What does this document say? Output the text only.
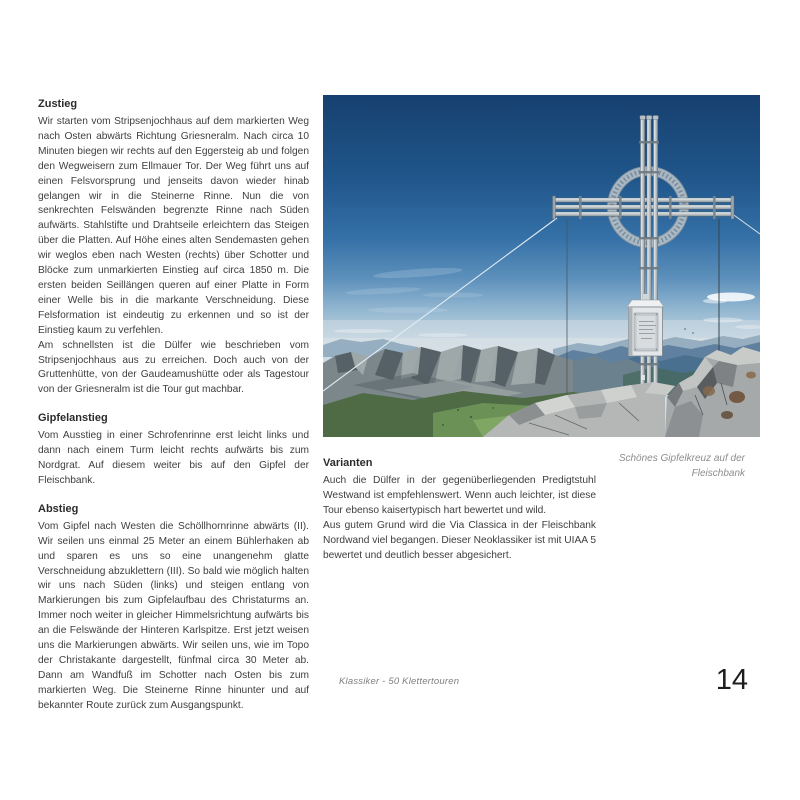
Zustieg

Wir starten vom Stripsenjochhaus auf dem markierten Weg nach Osten abwärts Richtung Griesneralm. Nach circa 10 Minuten biegen wir rechts auf den Eggersteig ab und folgen den Wegweisern zum Ellmauer Tor. Der Weg führt uns auf einen Felsvorsprung und jenseits davon wieder hinab gelangen wir in die Steinerne Rinne. Nun die von senkrechten Felswänden begrenzte Rinne nach Süden aufwärts. Stahlstifte und Drahtseile erleichtern das Steigen über die Platten. Auf Höhe eines alten Sendemasten gehen wir weglos eben nach Westen (rechts) über Schotter und Blöcke zum unmarkierten Einstieg auf circa 1850 m. Die ersten beiden Seillängen queren auf einer Platte in Form einer Welle bis in die markante Verschneidung. Diese Felsformation ist eindeutig zu erkennen und so ist der Einstieg kaum zu verfehlen.

Am schnellsten ist die Dülfer wie beschrieben vom Stripsenjochhaus aus zu erreichen. Doch auch von der Gruttenhütte, von der Gaudeamushütte oder als Tagestour von der Griesneralm ist die Tour gut machbar.

Gipfelanstieg

Vom Ausstieg in einer Schrofenrinne erst leicht links und dann nach einem Turm leicht rechts aufwärts bis zum Nordgrat. Auf diesem weiter bis auf den Gipfel der Fleischbank.

Abstieg

Vom Gipfel nach Westen die Schöllhornrinne abwärts (II). Wir seilen uns einmal 25 Meter an einem Bühlerhaken ab und sparen es uns so eine unangenehm glatte Verschneidung abzuklettern (III). So bald wie möglich halten wir uns nach Süden (links) und steigen entlang von Markierungen bis zum Gipfelaufbau des Christaturms an. Immer noch weiter in gleicher Himmelsrichtung aufwärts bis an die Felswände der Hinteren Karlspitze. Erst jetzt weisen uns die Markierungen abwärts. Wir seilen uns, wie im Topo der Christakante dargestellt, fünfmal circa 30 Meter ab. Dann am Wandfuß im Schotter nach Osten bis zum markierten Weg. Die Steinerne Rinne hinunter und auf bekannter Route zurück zum Ausgangspunkt.

Schönes Gipfelkreuz auf der Fleischbank
Varianten

Auch die Dülfer in der gegenüberliegenden Predigtstuhl Westwand ist empfehlenswert. Wenn auch leichter, ist diese Tour ebenso kaisertypisch hart bewertet und wild.

Aus gutem Grund wird die Via Classica in der Fleischbank Nordwand viel begangen. Dieser Neoklassiker ist mit UIAA 5 bewertet und deutlich besser abgesichert.

Klassiker - 50 Klettertouren	14
